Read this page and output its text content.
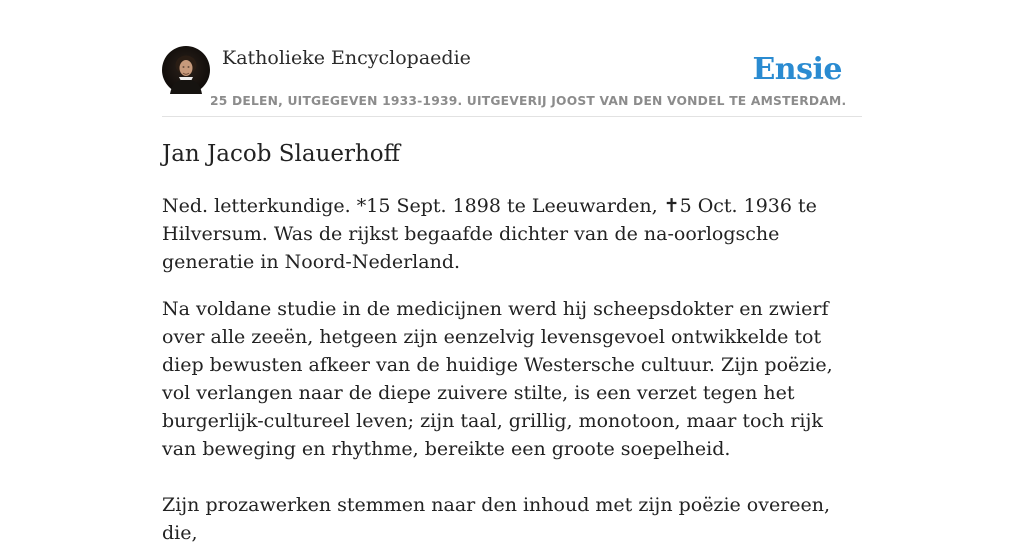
Katholieke Encyclopaedie	Ensie
25 DELEN, UITGEGEVEN 1933-1939. UITGEVERIJ JOOST VAN DEN VONDEL TE AMSTERDAM.
Jan Jacob Slauerhoff

Ned. letterkundige. *15 Sept. 1898 te Leeuwarden, ✝5 Oct. 1936 te Hilversum. Was de rijkst begaafde dichter van de na-oorlogsche generatie in Noord-Nederland.

Na voldane studie in de medicijnen werd hij scheepsdokter en zwierf over alle zeeën, hetgeen zijn eenzelvig levensgevoel ontwikkelde tot diep bewusten afkeer van de huidige Westersche cultuur. Zijn poëzie, vol verlangen naar de diepe zuivere stilte, is een verzet tegen het burgerlijk-cultureel leven; zijn taal, grillig, monotoon, maar toch rijk van beweging en rhythme, bereikte een groote soepelheid.

Zijn prozawerken stemmen naar den inhoud met zijn poëzie overeen, die,
